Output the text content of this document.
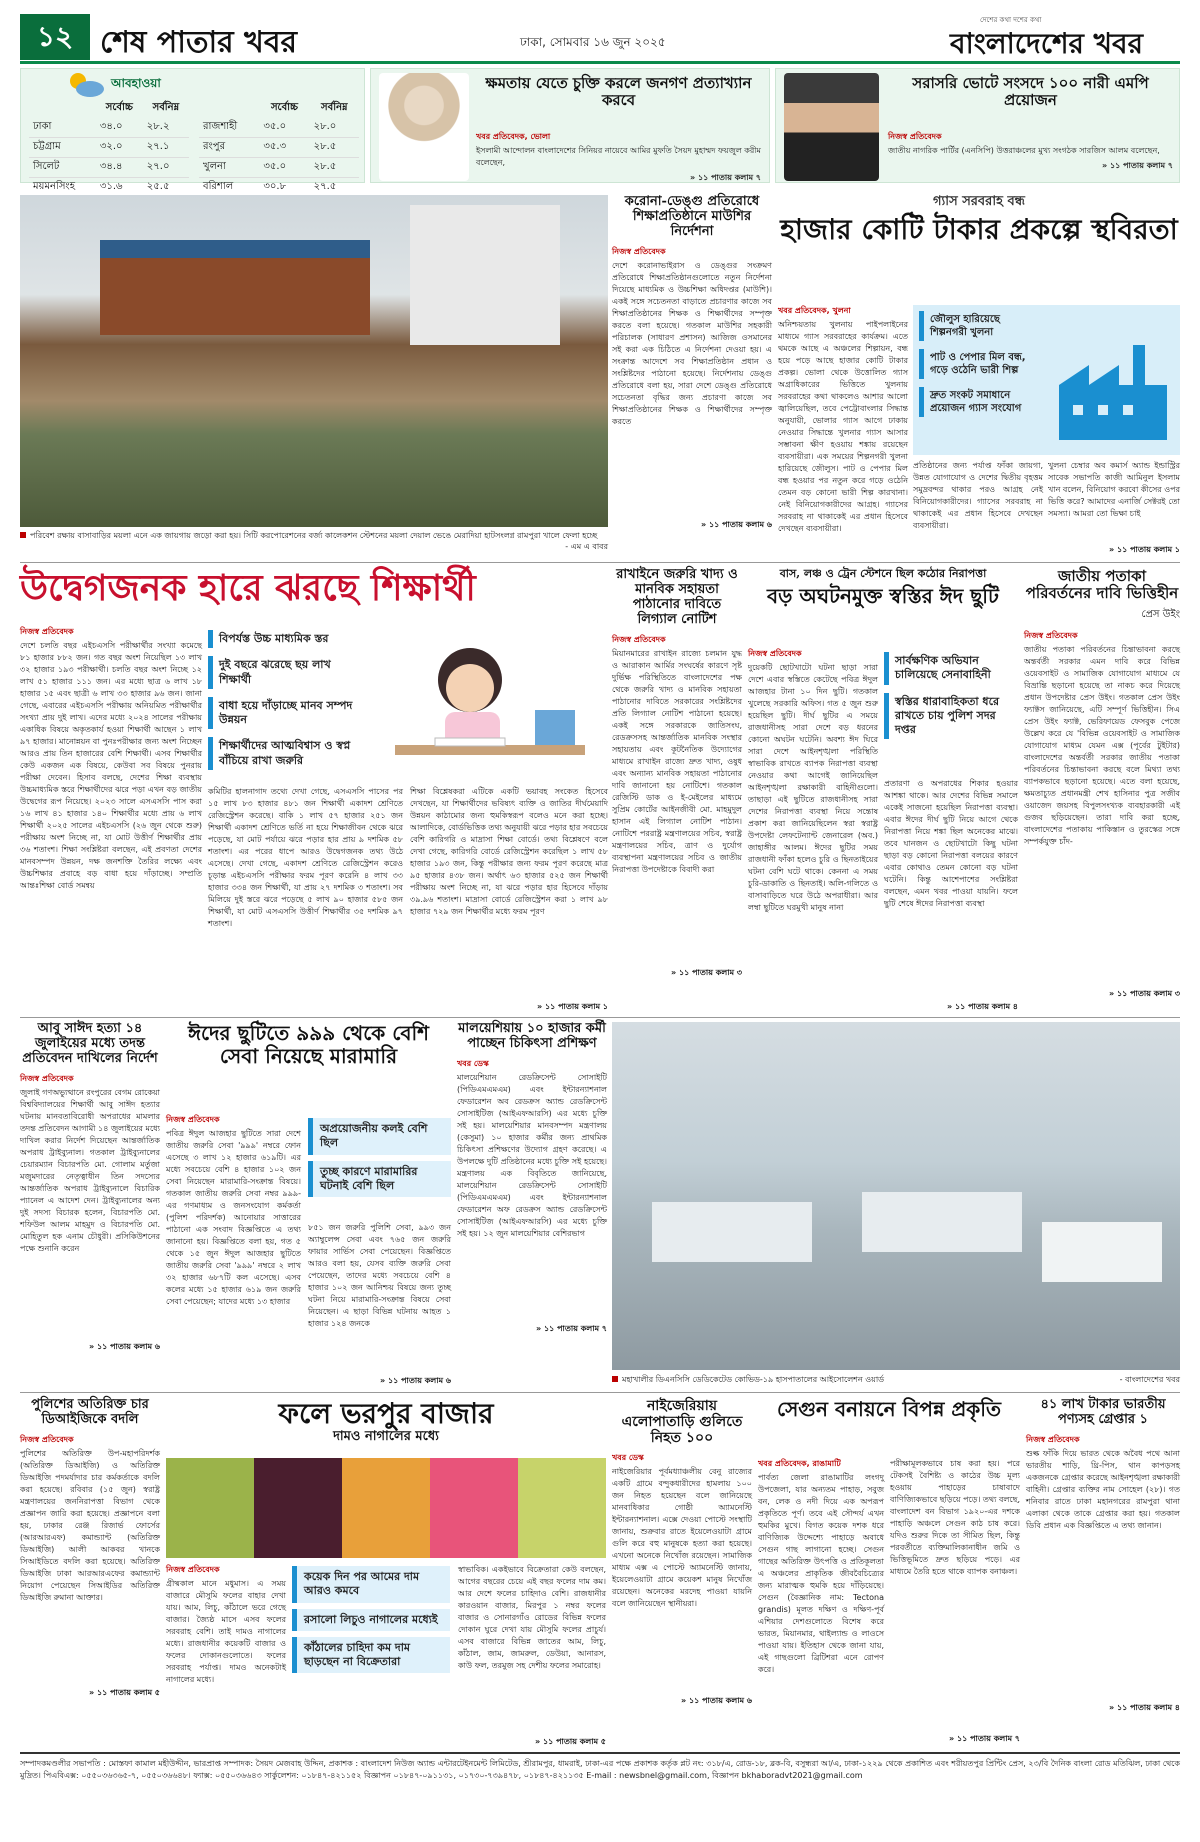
১২ শেষ পাতার খবর	ঢাকা, সোমবার ১৬ জুন ২০২৫
দেশের কথা দশের কথা
বাংলাদেশের খবর
আবহাওয়া
	সর্বোচ্চ	সর্বনিম্ন
ঢাকা	৩৪.০	২৮.২
চট্টগ্রাম	৩২.০	২৭.১
সিলেট	৩৪.৪	২৭.০
ময়মনসিংহ	৩১.৬	২৫.৫
	সর্বোচ্চ	সর্বনিম্ন
রাজশাহী	৩৫.০	২৮.০
রংপুর	৩৫.৩	২৮.৫
খুলনা	৩৫.০	২৮.৫
বরিশাল	৩০.৮	২৭.৫
ক্ষমতায় যেতে চুক্তি করলে জনগণ প্রত্যাখ্যান করবে
খবর প্রতিবেদক, ভোলা
ইসলামী আন্দোলন বাংলাদেশের সিনিয়র নায়েবে আমির মুফতি সৈয়দ মুহাম্মদ ফয়জুল করীম বলেছেন,
» ১১ পাতায় কলাম ৭
সরাসরি ভোটে সংসদে ১০০ নারী এমপি প্রয়োজন
নিজস্ব প্রতিবেদক
জাতীয় নাগরিক পার্টির (এনসিপি) উত্তরাঞ্চলের মুখ্য সংগঠক সারজিস আলম বলেছেন,
» ১১ পাতায় কলাম ৭
পরিবেশ রক্ষায় বাসাবাড়ির ময়লা এনে এক জায়গায় জড়ো করা হয়। সিটি করপোরেশনের বর্জ্য কালেকশন স্টেশনের ময়লা দেয়াল ভেঙে মেরাদিয়া হাটসংলগ্ন রামপুরা খালে ফেলা হচ্ছে
- এম এ বাবর
করোনা-ডেঙ্গু প্রতিরোধে শিক্ষাপ্রতিষ্ঠানে মাউশির নির্দেশনা
নিজস্ব প্রতিবেদক
দেশে করোনাভাইরাস ও ডেঙ্গুর সংক্রমণ প্রতিরোধে শিক্ষাপ্রতিষ্ঠানগুলোতে নতুন নির্দেশনা দিয়েছে মাধ্যমিক ও উচ্চশিক্ষা অধিদপ্তর (মাউশি)। একই সঙ্গে সচেতনতা বাড়াতে প্রচারণার কাজে সব শিক্ষাপ্রতিষ্ঠানের শিক্ষক ও শিক্ষার্থীদের সম্পৃক্ত করতে বলা হয়েছে। গতকাল মাউশির সহকারী পরিচালক (সাধারণ প্রশাসন) আজিজ ওসমানের সই করা এক চিঠিতে এ নির্দেশনা দেওয়া হয়। এ সংক্রান্ত আদেশে সব শিক্ষাপ্রতিষ্ঠান প্রধান ও সংশ্লিষ্টদের পাঠানো হয়েছে। নির্দেশনায় ডেঙ্গু প্রতিরোধে বলা হয়, সারা দেশে ডেঙ্গু প্রতিরোধে সচেতনতা বৃদ্ধির জন্য প্রচারণা কাজে সব শিক্ষাপ্রতিষ্ঠানের শিক্ষক ও শিক্ষার্থীদের সম্পৃক্ত করতে
» ১১ পাতায় কলাম ৬
গ্যাস সরবরাহ বন্ধ
হাজার কোটি টাকার প্রকল্পে স্থবিরতা
খবর প্রতিবেদক, খুলনা
অনিশ্চয়তায় খুলনায় পাইপলাইনের মাধ্যমে গ্যাস সরবরাহের কার্যক্রম। এতে থমকে আছে এ অঞ্চলের শিল্পায়ন, বন্ধ হয়ে পড়ে আছে হাজার কোটি টাকার প্রকল্প। ভোলা থেকে উত্তোলিত গ্যাস অগ্রাধিকারের ভিত্তিতে খুলনায় সরবরাহের কথা থাকলেও আশার আলো জ্বালিয়েছিল, তবে পেট্রোবাংলার সিদ্ধান্ত অনুযায়ী, ভোলার গ্যাস আগে ঢাকায় নেওয়ার সিদ্ধান্তে খুলনার গ্যাস আসার সম্ভাবনা ক্ষীণ হওয়ায় শঙ্কায় রয়েছেন ব্যবসায়ীরা। এক সময়ের শিল্পনগরী খুলনা হারিয়েছে জৌলুস। পাট ও পেপার মিল বন্ধ হওয়ার পর নতুন করে গড়ে ওঠেনি তেমন বড় কোনো ভারী শিল্প কারখানা। নেই বিনিয়োগকারীদের আগ্রহ। গ্যাসের সরবরাহ না থাকাকেই এর প্রধান হিসেবে দেখছেন ব্যবসায়ীরা।
জৌলুস হারিয়েছে শিল্পনগরী খুলনা
পাট ও পেপার মিল বন্ধ, গড়ে ওঠেনি ভারী শিল্প
দ্রুত সংকট সমাধানে প্রয়োজন গ্যাস সংযোগ
প্রতিষ্ঠানের জন্য পর্যাপ্ত ফাঁকা জায়গা, উন্নত যোগাযোগ ও দেশের দ্বিতীয় বৃহত্তম সমুদ্রবন্দর থাকার পরও আগ্রহ নেই বিনিয়োগকারীদের। গ্যাসের সরবরাহ না থাকাকেই এর প্রধান হিসেবে দেখছেন ব্যবসায়ীরা।
খুলনা চেম্বার অব কমার্স অ্যান্ড ইন্ডাস্ট্রির সাবেক সভাপতি কাজী আমিনুল ইসলাম খান বলেন, বিনিয়োগ করবো কীসের ওপর ভিত্তি করে? আমাদের এনার্জি সেক্টরই তো সমস্যা। আমরা তো ভিক্ষা চাই
» ১১ পাতায় কলাম ১
উদ্বেগজনক হারে ঝরছে শিক্ষার্থী
নিজস্ব প্রতিবেদক
দেশে চলতি বছর এইচএসসি পরীক্ষার্থীর সংখ্যা কমেছে ৮১ হাজার ৮৮২ জন। গত বছর অংশ নিয়েছিল ১৩ লাখ ৩২ হাজার ১৯৩ পরীক্ষার্থী। চলতি বছর অংশ নিচ্ছে ১২ লাখ ৫১ হাজার ১১১ জন। এর মধ্যে ছাত্র ৬ লাখ ১৮ হাজার ১৫ এবং ছাত্রী ৬ লাখ ৩৩ হাজার ৯৬ জন। জানা গেছে, এবারের এইচএসসি পরীক্ষায় অনিয়মিত পরীক্ষার্থীর সংখ্যা প্রায় দুই লাখ। এদের মধ্যে ২০২৪ সালের পরীক্ষায় একাধিক বিষয়ে অকৃতকার্য হওয়া শিক্ষার্থী আছেন ১ লাখ ৯৭ হাজার। মানোন্নয়ন বা পুনঃপরীক্ষার জন্য অংশ নিচ্ছেন আরও প্রায় তিন হাজারের বেশি শিক্ষার্থী। এসব শিক্ষার্থীর কেউ একজন এক বিষয়ে, কেউবা সব বিষয়ে পুনরায় পরীক্ষা দেবেন। হিসাব বলছে, দেশের শিক্ষা ব্যবস্থায় উচ্চমাধ্যমিক স্তরে শিক্ষার্থীদের ঝরে পড়া এখন বড় জাতীয় উদ্বেগের রূপ নিয়েছে। ২০২৩ সালে এসএসসি পাস করা ১৬ লাখ ৪১ হাজার ১৪০ শিক্ষার্থীর মধ্যে প্রায় ৬ লাখ শিক্ষার্থী ২০২৫ সালের এইচএসসি (২৬ জুন থেকে শুরু) পরীক্ষায় অংশ নিচ্ছে না, যা মোট উত্তীর্ণ শিক্ষার্থীর প্রায় ৩৬ শতাংশ। শিক্ষা সংশ্লিষ্টরা বলছেন, এই প্রবণতা দেশের মানবসম্পদ উন্নয়ন, দক্ষ জনশক্তি তৈরির লক্ষ্যে এবং উচ্চশিক্ষার প্রবাহে বড় বাধা হয়ে দাঁড়াচ্ছে। সম্প্রতি আন্তঃশিক্ষা বোর্ড সমন্বয়
বিপর্যস্ত উচ্চ মাধ্যমিক স্তর
দুই বছরে ঝরেছে ছয় লাখ শিক্ষার্থী
বাধা হয়ে দাঁড়াচ্ছে মানব সম্পদ উন্নয়ন
শিক্ষার্থীদের আত্মবিশ্বাস ও স্বপ্ন বাঁচিয়ে রাখা জরুরি
কমিটির হালনাগাদ তথ্যে দেখা গেছে, এসএসসি পাসের পর ১৫ লাখ ৮৩ হাজার ৪৮১ জন শিক্ষার্থী একাদশ শ্রেণিতে রেজিস্ট্রেশন করেছে। বাকি ১ লাখ ৫৭ হাজার ২৫১ জন শিক্ষার্থী একাদশ শ্রেণিতে ভর্তি না হয়ে শিক্ষাজীবন থেকে ঝরে পড়েছে, যা মোট পর্যায়ে ঝরে পড়ার হার প্রায় ৯ দশমিক ৫৮ শতাংশ। এর পরের ধাপে আরও উদ্বেগজনক তথ্য উঠে এসেছে। দেখা গেছে, একাদশ শ্রেণিতে রেজিস্ট্রেশন করেও চূড়ান্ত এইচএসসি পরীক্ষার ফরম পূরণ করেনি ৪ লাখ ৩৩ হাজার ৩৩৪ জন শিক্ষার্থী, যা প্রায় ২৭ দশমিক ৩ শতাংশ। সব মিলিয়ে দুই স্তরে ঝরে পড়েছে ৫ লাখ ৯০ হাজার ৫৮৫ জন শিক্ষার্থী, যা মোট এসএসসি উত্তীর্ণ শিক্ষার্থীর ৩৫ দশমিক ৯৭ শতাংশ।
শিক্ষা বিশ্লেষকরা এটিকে একটি ভয়াবহ সংকেত হিসেবে দেখছেন, যা শিক্ষার্থীদের ভবিষ্যৎ ব্যক্তি ও জাতির দীর্ঘমেয়াদি উন্নয়ন কাঠামোর জন্য হুমকিস্বরূপ বলেও মনে করা হচ্ছে। আলাদিকে, বোর্ডভিত্তিক তথ্য অনুযায়ী ঝরে পড়ার হার সবচেয়ে বেশি কারিগরি ও মাদ্রাসা শিক্ষা বোর্ডে। তথ্য বিশ্লেষণে বলে দেখা গেছে, কারিগরি বোর্ডে রেজিস্ট্রেশন করেছিল ১ লাখ ৫৮ হাজার ১৯৩ জন, কিন্তু পরীক্ষার জন্য ফরম পূরণ করেছে মাত্র ৯৫ হাজার ৪৩৮ জন। অর্থাৎ ৬৩ হাজার ৫২৫ জন শিক্ষার্থী পরীক্ষায় অংশ নিচ্ছে না, যা ঝরে পড়ার হার হিসেবে দাঁড়ায় ৩৯.৯৬ শতাংশ। মাদ্রাসা বোর্ডে রেজিস্ট্রেশন করা ১ লাখ ৯৮ হাজার ৭২৯ জন শিক্ষার্থীর মধ্যে ফরম পূরণ
» ১১ পাতায় কলাম ১
রাখাইনে জরুরি খাদ্য ও মানবিক সহায়তা পাঠানোর দাবিতে লিগ্যাল নোটিশ
নিজস্ব প্রতিবেদক
মিয়ানমারের রাখাইন রাজ্যে চলমান যুদ্ধ ও আরাকান আর্মির সংঘর্ষের কারণে সৃষ্ট দুর্ভিক্ষ পরিস্থিতিতে বাংলাদেশের পক্ষ থেকে জরুরি খাদ্য ও মানবিক সহায়তা পাঠানোর দাবিতে সরকারের সংশ্লিষ্টদের প্রতি লিগ্যাল নোটিশ পাঠানো হয়েছে। একই সঙ্গে সরকারকে জাতিসংঘ, রেডক্রসসহ আন্তর্জাতিক মানবিক সংস্থার সহায়তায় এবং কূটনৈতিক উদ্যোগের মাধ্যমে রাখাইন রাজ্যে দ্রুত খাদ্য, ওষুধ এবং অন্যান্য মানবিক সহায়তা পাঠানোর দাবি জানানো হয় নোটিশে। গতকাল রেজিস্টি ডাক ও ই-মেইলের মাধ্যমে সুপ্রিম কোর্টের আইনজীবী মো. মাহমুদুল হাসান এই লিগ্যাল নোটিশ পাঠান। নোটিশে পররাষ্ট্র মন্ত্রণালয়ের সচিব, স্বরাষ্ট্র মন্ত্রণালয়ের সচিব, ত্রাণ ও দুর্যোগ ব্যবস্থাপনা মন্ত্রণালয়ের সচিব ও জাতীয় নিরাপত্তা উপদেষ্টাকে বিবাদী করা
» ১১ পাতায় কলাম ৩
বাস, লঞ্চ ও ট্রেন স্টেশনে ছিল কঠোর নিরাপত্তা
বড় অঘটনমুক্ত স্বস্তির ঈদ ছুটি
নিজস্ব প্রতিবেদক
দুয়েকটি ছোটখাটো ঘটনা ছাড়া সারা দেশে এবার স্বস্তিতে কেটেছে পবিত্র ঈদুল আজহার টানা ১০ দিন ছুটি। গতকাল খুলেছে সরকারি অফিস। গত ৫ জুন শুরু হয়েছিল ছুটি। দীর্ঘ ছুটির এ সময়ে রাজধানীসহ সারা দেশে বড় ধরনের কোনো অঘটন ঘটেনি। অবশ্য ঈদ ঘিরে সারা দেশে আইনশৃঙ্খলা পরিস্থিতি স্বাভাবিক রাখতে ব্যাপক নিরাপত্তা ব্যবস্থা নেওয়ার কথা আগেই জানিয়েছিল আইনশৃঙ্খলা রক্ষাকারী বাহিনীগুলো। তাছাড়া এই ছুটিতে রাজধানীসহ সারা দেশের নিরাপত্তা ব্যবস্থা নিয়ে সন্তোষ প্রকাশ করা জানিয়েছিলেন স্বরা স্বরাষ্ট্র উপদেষ্টা লেফটেন্যান্ট জেনারেল (অব.) জাহাঙ্গীর আলম। ঈদের ছুটির সময় রাজধানী ফাঁকা হলেও চুরি ও ছিনতাইয়ের ঘটনা বেশি ঘটে থাকে। কেননা এ সময় চুরি-ডাকাতি ও ছিনতাই। অলি-গলিতে ও বাসাবাড়িতে ঘরে উঠে অপরাধীরা। আর লম্বা ছুটিতে ঘরমুখী মানুষ নানা
সার্বক্ষণিক অভিযান চালিয়েছে সেনাবাহিনী
স্বস্তির ধারাবাহিকতা ধরে রাখতে চায় পুলিশ সদর দপ্তর
প্রতারণা ও অপরাধের শিকার হওয়ার আশঙ্কা থাকে। আর দেশের বিভিন্ন সমালে একেই সাজনো হয়েছিল নিরাপত্তা ব্যবস্থা। এবার ঈদের দীর্ঘ ছুটি নিয়ে আগে থেকে নিরাপত্তা নিয়ে শঙ্কা ছিল অনেকের মাঝে। তবে ঘানজন ও ছোটখাটো কিছু ঘটনা ছাড়া বড় কোনো নিরাপত্তা বলয়ের কারণে এবার কোথাও তেমন কোনো বড় ঘটনা ঘটেনি। কিন্তু আশেপাশের সংশ্লিষ্টরা বলছেন, এমন খবর পাওয়া যায়নি। ফলে ছুটি শেষে ঈদের নিরাপত্তা ব্যবস্থা
» ১১ পাতায় কলাম ৪
জাতীয় পতাকা পরিবর্তনের দাবি ভিত্তিহীন
প্রেস উইং
নিজস্ব প্রতিবেদক
জাতীয় পতাকা পরিবর্তনের চিন্তাভাবনা করছে অন্তর্বর্তী সরকার এমন দাবি করে বিভিন্ন ওয়েবসাইট ও সামাজিক যোগাযোগ মাধ্যমে যে বিভ্রান্তি ছড়ানো হয়েছে তা নাকচ করে দিয়েছে প্রধান উপদেষ্টার প্রেস উইং। গতকাল প্রেস উইং ফ্যাক্টস জানিয়েছে, এটি সম্পূর্ণ ভিত্তিহীন। সিএ প্রেস উইং ফ্যাক্ট, ভেরিফায়েড ফেসবুক পেজে উল্লেখ করে যে 'বিভিন্ন ওয়েবসাইট ও সামাজিক যোগাযোগ মাধ্যম যেমন এক্স (পূর্বের টুইটার) বাংলাদেশের অন্তর্বর্তী সরকার জাতীয় পতাকা পরিবর্তনের চিন্তাভাবনা করছে বলে মিথ্যা তথ্য ব্যাপকভাবে ছড়ানো হয়েছে। এতে বলা হয়েছে, ক্ষমতাচ্যুত প্রধানমন্ত্রী শেখ হাসিনার পুত্র সজীব ওয়াজেদ জয়সহ বিপুলসংখ্যক ব্যবহারকারী এই গুজব ছড়িয়েছেন। তারা দাবি করা হচ্ছে, বাংলাদেশের পতাকায় পাকিস্তান ও তুরস্কের সঙ্গে সম্পর্কযুক্ত চাঁদ-
» ১১ পাতায় কলাম ৩
আবু সাঈদ হত্যা ১৪ জুলাইয়ের মধ্যে তদন্ত প্রতিবেদন দাখিলের নির্দেশ
নিজস্ব প্রতিবেদক
জুলাই গণঅভ্যুত্থানে রংপুরের বেগম রোকেয়া বিশ্ববিদ্যালয়ের শিক্ষার্থী আবু সাঈদ হত্যার ঘটনায় মানবতাবিরোধী অপরাধের মামলার তদন্ত প্রতিবেদন আগামী ১৪ জুলাইয়ের মধ্যে দাখিল করার নির্দেশ দিয়েছেন আন্তর্জাতিক অপরাধ ট্রাইব্যুনাল। গতকাল ট্রাইব্যুনালের চেয়ারম্যান বিচারপতি মো. গোলাম মর্তুজা মজুমদারের নেতৃত্বাধীন তিন সদস্যের আন্তর্জাতিক অপরাধ ট্রাইব্যুনালে বিচারিক প্যানেল এ আদেশ দেন। ট্রাইব্যুনালের অন্য দুই সদস্য বিচারক হলেন, বিচারপতি মো. শফিউল আলম মাহমুদ ও বিচারপতি মো. মোহিতুল হক এনাম চৌধুরী। প্রসিকিউশনের পক্ষে শুনানি করেন
» ১১ পাতায় কলাম ৬
ঈদের ছুটিতে ৯৯৯ থেকে বেশি সেবা নিয়েছে মারামারি
নিজস্ব প্রতিবেদক
পবিত্র ঈদুল আজহার ছুটিতে সারা দেশে জাতীয় জরুরি সেবা '৯৯৯' নম্বরে ফোন এসেছে ৩ লাখ ১২ হাজার ৬১৯টি। এর মধ্যে সবচেয়ে বেশি ৪ হাজার ১০২ জন সেবা নিয়েছেন মারামারি-সংক্রান্ত বিষয়ে। গতকাল জাতীয় জরুরি সেবা নম্বর ৯৯৯-এর গণমাধ্যম ও জনসংযোগ কর্মকর্তা (পুলিশ পরিদর্শক) আনোয়ার সাত্তারের পাঠানো এক সংবাদ বিজ্ঞপ্তিতে এ তথ্য জানানো হয়। বিজ্ঞপ্তিতে বলা হয়, গত ৫ থেকে ১৫ জুন ঈদুল আজহার ছুটিতে জাতীয় জরুরি সেবা '৯৯৯' নম্বরে ২ লাখ ৩২ হাজার ৬৮৭টি কল এসেছে। এসব কলের মধ্যে ১৫ হাজার ৬১৯ জন জরুরি সেবা পেয়েছেন; যাদের মধ্যে ১৩ হাজার
অপ্রয়োজনীয় কলই বেশি ছিল
তুচ্ছ কারণে মারামারির ঘটনাই বেশি ছিল
৮৫১ জন জরুরি পুলিশি সেবা, ৯৯৩ জন অ্যাম্বুলেন্স সেবা এবং ৭৬৫ জন জরুরি ফায়ার সার্ভিস সেবা পেয়েছেন। বিজ্ঞপ্তিতে আরও বলা হয়, যেসব ব্যক্তি জরুরি সেবা পেয়েছেন, তাদের মধ্যে সবচেয়ে বেশি ৪ হাজার ১০২ জন আনিশ্চয় বিষয়ে জন্য তুচ্ছ ঘটনা নিয়ে মারামারি-সংক্রান্ত বিষয়ে সেবা নিয়েছেন। এ ছাড়া বিভিন্ন ঘটনায় আহত ১ হাজার ১২৪ জনকে
» ১১ পাতায় কলাম ৬
মালয়েশিয়ায় ১০ হাজার কর্মী পাচ্ছেন চিকিৎসা প্রশিক্ষণ
খবর ডেস্ক
মালয়েশিয়ান রেডক্রিসেন্ট সোসাইটি (পিডিএমএমএম) এবং ইন্টারন্যাশনাল ফেডারেশন অব রেডক্রস অ্যান্ড রেডক্রিসেন্ট সোসাইটিজ (আইএফআরসি) এর মধ্যে চুক্তি সই হয়। মালয়েশিয়ার মানবসম্পদ মন্ত্রণালয় (কেসুমা) ১০ হাজার কর্মীর জন্য প্রাথমিক চিকিৎসা প্রশিক্ষণের উদ্যোগ গ্রহণ করেছে। এ উপলক্ষে দুটি প্রতিষ্ঠানের মধ্যে চুক্তি সই হয়েছে। মন্ত্রণালয় এক বিবৃতিতে জানিয়েছে, মালয়েশিয়ান রেডক্রিসেন্ট সোসাইটি (পিডিএমএমএম) এবং ইন্টারন্যাশনাল ফেডারেশন অফ রেডক্রস অ্যান্ড রেডক্রিসেন্ট সোসাইটিজ (আইএফআরসি) এর মধ্যে চুক্তি সই হয়। ১২ জুন মালয়েশিয়ার বেশিরভাগ
» ১১ পাতায় কলাম ৭
মহাখালীর ডিএনসিসি ডেডিকেটেড কোভিড-১৯ হাসপাতালের আইসোলেশন ওয়ার্ড	- বাংলাদেশের খবর
পুলিশের অতিরিক্ত চার ডিআইজিকে বদলি
নিজস্ব প্রতিবেদক
পুলিশের অতিরিক্ত উপ-মহাপরিদর্শক (অতিরিক্ত ডিআইজি) ও অতিরিক্ত ডিআইজি পদমর্যাদার চার কর্মকর্তাকে বদলি করা হয়েছে। রবিবার (১৫ জুন) স্বরাষ্ট্র মন্ত্রণালয়ের জননিরাপত্তা বিভাগ থেকে প্রজ্ঞাপন জারি করা হয়েছে। প্রজ্ঞাপনে বলা হয়, ঢাকার রেঞ্জ রিজার্ভ ফোর্সের (আরআরএফ) কমান্ড্যান্ট (অতিরিক্ত ডিআইজি) আলী আকবর খানকে সিআইডিতে বদলি করা হয়েছে। অতিরিক্ত ডিআইজি ঢাকা আরআরএফের কমান্ড্যান্ট নিয়োগ পেয়েছেন সিআইডির অতিরিক্ত ডিআইজি রুমানা আক্তার।
» ১১ পাতায় কলাম ৫
ফলে ভরপুর বাজার
দামও নাগালের মধ্যে
নিজস্ব প্রতিবেদক
গ্রীষ্মকাল মানে মধুমাস। এ সময় বাজারে মৌসুমি ফলের বাহার দেখা যায়। আম, লিচু, কাঁঠালে ভরে গেছে বাজার। জ্যৈষ্ঠ মাসে এসব ফলের সরবরাহ বেশি। তাই দামও নাগালের মধ্যে। রাজধানীর কয়েকটি বাজার ও ফলের দোকানগুলোতে। ফলের সরবরাহ পর্যাপ্ত। দামও অনেকটাই নাগালের মধ্যে।
কয়েক দিন পর আমের দাম আরও কমবে
রসালো লিচুও নাগালের মধ্যেই
কাঁঠালের চাহিদা কম দাম ছাড়ছেন না বিক্রেতারা
স্বাভাবিক। একইভাবে বিক্রেতারা কেউ বলছেন, আগের বছরের চেয়ে এই বছর ফলের দাম কম। আর দেশে ফলের চাহিদাও বেশি। রাজধানীর কারওয়ান বাজার, মিরপুর ১ নম্বর ফলের বাজার ও সোনারগাঁও রোডের বিভিন্ন ফলের দোকান ঘুরে দেখা যায় মৌসুমি ফলের প্রাচুর্য। এসব বাজারে বিভিন্ন জাতের আম, লিচু, কাঁঠাল, জাম, জামরুল, ডেউয়া, আনারস, কাউ ফল, তরমুজ সহ দেশীয় ফলের সমারোহ।
» ১১ পাতায় কলাম ৫
নাইজেরিয়ায় এলোপাতাড়ি গুলিতে নিহত ১০০
খবর ডেস্ক
নাইজেরিয়ার পূর্বমধ্যাঞ্চলীয় বেনু রাজ্যের একটি গ্রামে বন্দুকধারীদের হামলায় ১০০ জন নিহত হয়েছেন বলে জানিয়েছে মানবাধিকার গোষ্ঠী অ্যামনেস্টি ইন্টারন্যাশনাল। এক্সে দেওয়া পোস্টে সংস্থাটি জানায়, শুক্রবার রাতে ইয়েলেওয়াটা গ্রামে গুলি করে বহু মানুষকে হত্যা করা হয়েছে। এখনো অনেকে নিখোঁজ রয়েছেন। সামাজিক মাধ্যম এক্স এ পোস্টে অ্যামনেস্টি জানায়, ইয়েলেওয়াটা গ্রামে কয়েকশ মানুষ নিখোঁজ রয়েছেন। অনেকের মরদেহ পাওয়া যায়নি বলে জানিয়েছেন স্থানীয়রা।
» ১১ পাতায় কলাম ৬
সেগুন বনায়নে বিপন্ন প্রকৃতি
খবর প্রতিবেদক, রাঙামাটি
পার্বত্য জেলা রাঙামাটির লংগদু উপজেলা, যার অন্যতম পাহাড়, সবুজ বন, লেক ও নদী দিয়ে এক অপরূপ প্রকৃতিতে পূর্ণ। তবে এই সৌন্দর্য এখন হুমকির মুখে। বিগত কয়েক দশক ধরে বাণিজ্যিক উদ্দেশ্যে পাহাড়ে অবাধে সেগুন গাছ লাগানো হচ্ছে। সেগুন গাছের অতিরিক্ত উৎপত্তি ও প্রতিকূলতা এ অঞ্চলের প্রাকৃতিক জীববৈচিত্র্যের জন্য মারাত্মক হুমকি হয়ে দাঁড়িয়েছে। সেগুন (বৈজ্ঞানিক নাম: Tectona grandis) মূলত দক্ষিণ ও দক্ষিণ-পূর্ব এশিয়ার দেশগুলোতে বিশেষ করে ভারত, মিয়ানমার, থাইল্যান্ড ও লাওসে পাওয়া যায়। ইতিহাস থেকে জানা যায়, এই গাছগুলো ব্রিটিশরা এনে রোপণ করে।
পরীক্ষামূলকভাবে চাষ করা হয়। পরে টেকসই বৈশিষ্ট্য ও কাঠের উচ্চ মূল্য হওয়ায় পাহাড়ের চাষাবাদে বাণিজ্যিকভাবে ছড়িয়ে পড়ে। তথ্য বলছে, বাংলাদেশ বন বিভাগ ১৯২০-এর দশকে পাহাড়ি অঞ্চলে সেগুন কাঠ চাষ করে। যদিও শুরুর দিকে তা সীমিত ছিল, কিন্তু পরবর্তীতে ব্যক্তিমালিকানাধীন জমি ও ভিত্তিভূমিতে দ্রুত ছড়িয়ে পড়ে। এর মাধ্যমে তৈরি হতে থাকে ব্যাপক বনাঞ্চল।
» ১১ পাতায় কলাম ৭
৪১ লাখ টাকার ভারতীয় পণ্যসহ গ্রেপ্তার ১
নিজস্ব প্রতিবেদক
শুল্ক ফাঁকি দিয়ে ভারত থেকে অবৈধ পথে আনা ভারতীয় শাড়ি, থ্রি-পিস, থান কাপড়সহ একজনকে গ্রেপ্তার করেছে আইনশৃঙ্খলা রক্ষাকারী বাহিনী। গ্রেপ্তার ব্যক্তির নাম সোহেল (২৮)। গত শনিবার রাতে ঢাকা মহানগরের রামপুরা থানা এলাকা থেকে তাকে গ্রেপ্তার করা হয়। গতকাল ডিবি প্রধান এক বিজ্ঞপ্তিতে এ তথ্য জানান।
» ১১ পাতায় কলাম ৪
সম্পাদকমণ্ডলীর সভাপতি : মোস্তফা কামাল মহীউদ্দীন, ভারপ্রাপ্ত সম্পাদক: সৈয়দ মেজবাহ উদ্দিন, প্রকাশক : বাংলাদেশ নিউজ অ্যান্ড এন্টারটেইনমেন্ট লিমিটেড, শ্রীরামপুর, ধামরাই, ঢাকা-এর পক্ষে প্রকাশক কর্তৃক প্লট নং: ৩১৮/এ, রোড-১৮, ব্লক-বি, বসুন্ধরা আ/এ, ঢাকা-১২২৯ থেকে প্রকাশিত এবং শরীয়তপুর প্রিন্টিং প্রেস, ২৩/বি দৈনিক বাংলা রোড মতিঝিল, ঢাকা থেকে মুদ্রিত। পিএবিএক্স: ০৫৫০৩৬৩৬৫-৭, ০৫৫০৩৬৬৪৮। ফ্যাক্স: ০৫৫০৩৬৬৪৩ সার্কুলেশন: ০১৮৪৭-৪২১১৫২ বিজ্ঞাপন ০১৮৪৭-০৯১১৩১, ০১৭৩০-৭৩৯৪৭৮, ০১৮৪৭-৪২১১৩৫ E-mail : newsbnel@gmail.com, বিজ্ঞাপন bkhaboradvt2021@gmail.com
